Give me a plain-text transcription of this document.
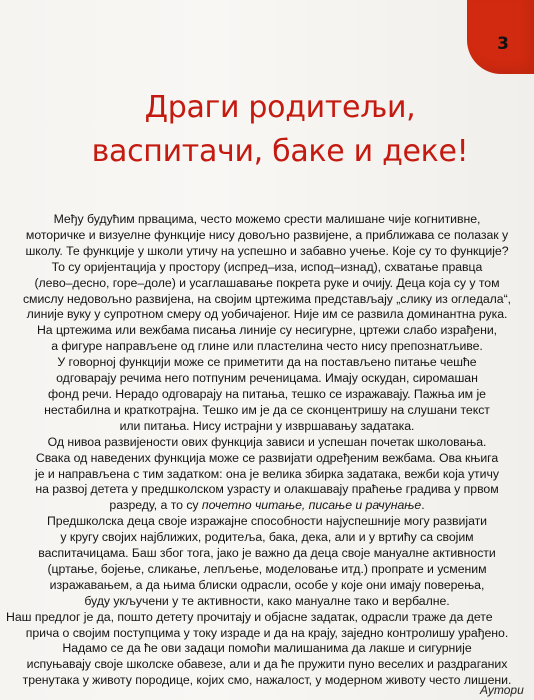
3
Драги родитељи,
васпитачи, баке и деке!
Међу будућим првацима, често можемо срести малишане чије когнитивне,
моторичке и визуелне функције нису довољно развијене, а приближава се полазак у
школу. Те функције у школи утичу на успешно и забавно учење. Које су то функције?
То су оријентација у простору (испред–иза, испод–изнад), схватање правца
(лево–десно, горе–доле) и усаглашавање покрета руке и очију. Деца која су у том
смислу недовољно развијена, на својим цртежима представљају „слику из огледала“,
линије вуку у супротном смеру од уобичајеног. Није им се развила доминантна рука.
На цртежима или вежбама писања линије су несигурне, цртежи слабо израђени,
а фигуре направљене од глине или пластелина често нису препознатљиве.
У говорној функцији може се приметити да на постављено питање чешће
одговарају речима него потпуним реченицама. Имају оскудан, сиромашан
фонд речи. Нерадо одговарају на питања, тешко се изражавају. Пажња им је
нестабилна и краткотрајна. Тешко им је да се сконцентришу на слушани текст
или питања. Нису истрајни у извршавању задатака.
Од нивоа развијености ових функција зависи и успешан почетак школовања.
Свака од наведених функција може се развијати одређеним вежбама. Ова књига
је и направљена с тим задатком: она је велика збирка задатака, вежби која утичу
на развој детета у предшколском узрасту и олакшавају праћење градива у првом
разреду, а то су почетно читање, писање и рачунање.
Предшколска деца своје изражајне способности најуспешније могу развијати
у кругу својих најближих, родитеља, бака, дека, али и у вртићу са својим
васпитачицама. Баш због тога, јако је важно да деца своје мануалне активности
(цртање, бојење, сликање, лепљење, моделовање итд.) пропрате и усменим
изражавањем, а да њима блиски одрасли, особе у које они имају поверења,
буду укључени у те активности, како мануалне тако и вербалне.
Наш предлог је да, пошто детету прочитају и објасне задатак, одрасли траже да дете
прича о својим поступцима у току израде и да на крају, заједно контролишу урађено.
Надамо се да ће ови задаци помоћи малишанима да лакше и сигурније
испуњавају своје школске обавезе, али и да ће пружити пуно веселих и раздраганих
тренутака у животу породице, којих смо, нажалост, у модерном животу често лишени.
Аутори
